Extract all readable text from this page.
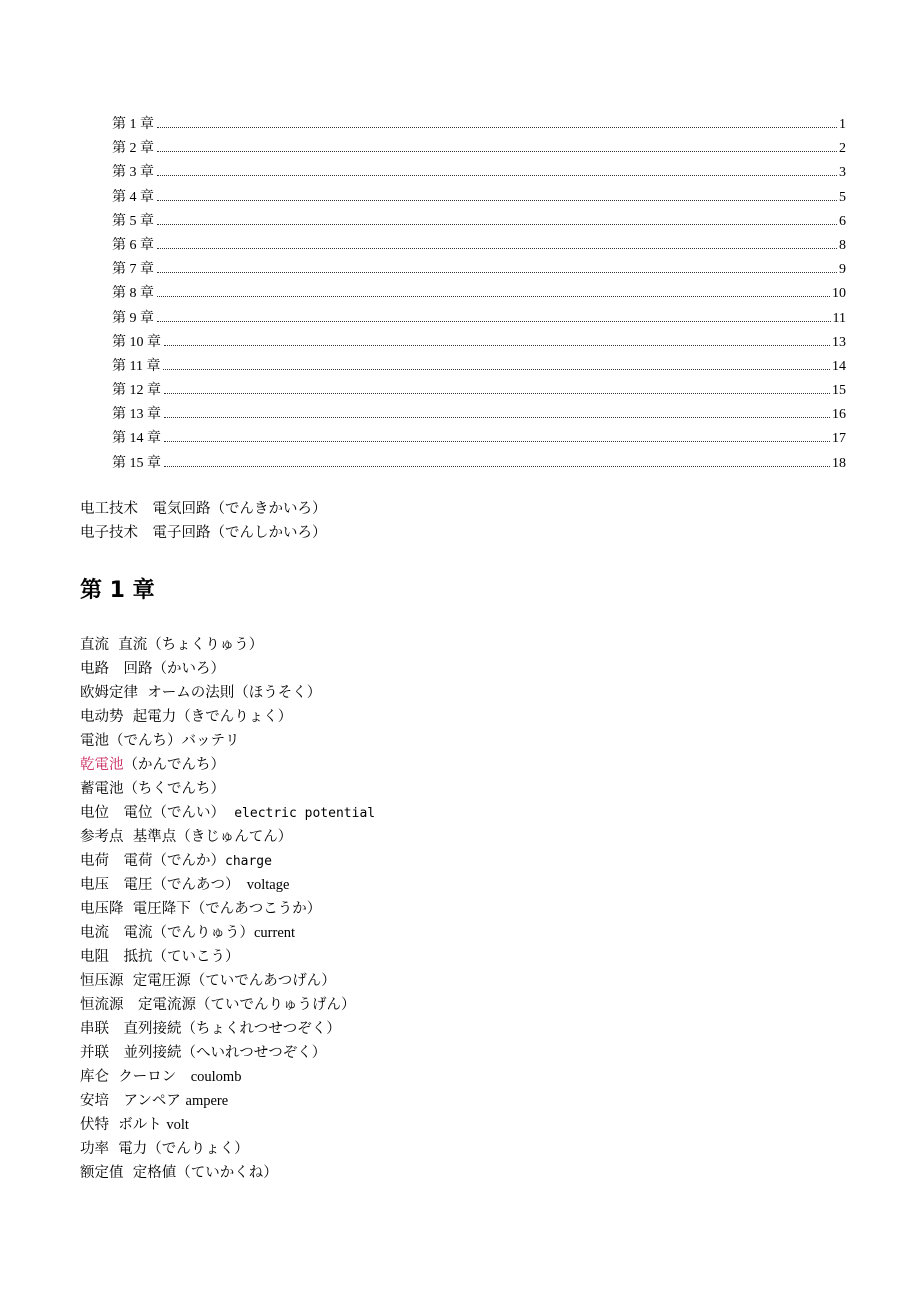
第 1 章	1
第 2 章	2
第 3 章	3
第 4 章	5
第 5 章	6
第 6 章	8
第 7 章	9
第 8 章	10
第 9 章	11
第 10 章	13
第 11 章	14
第 12 章	15
第 13 章	16
第 14 章	17
第 15 章	18
电工技术　電気回路（でんきかいろ）
电子技术　電子回路（でんしかいろ）
第 1 章
直流  直流（ちょくりゅう）
电路　回路（かいろ）
欧姆定律  オームの法則（ほうそく）
电动势  起電力（きでんりょく）
電池（でんち）バッテリ
乾電池（かんでんち）
蓄電池（ちくでんち）
电位　電位（でんい）  electric potential
参考点  基準点（きじゅんてん）
电荷　電荷（でんか）charge
电压　電圧（でんあつ）　voltage
电压降  電圧降下（でんあつこうか）
电流　電流（でんりゅう）current
电阻　抵抗（ていこう）
恒压源  定電圧源（ていでんあつげん）
恒流源　定電流源（ていでんりゅうげん）
串联　直列接続（ちょくれつせつぞく）
并联　並列接続（へいれつせつぞく）
库仑  クーロン　coulomb
安培　アンペア ampere
伏特  ボルト volt
功率  電力（でんりょく）
额定值  定格値（ていかくね）
